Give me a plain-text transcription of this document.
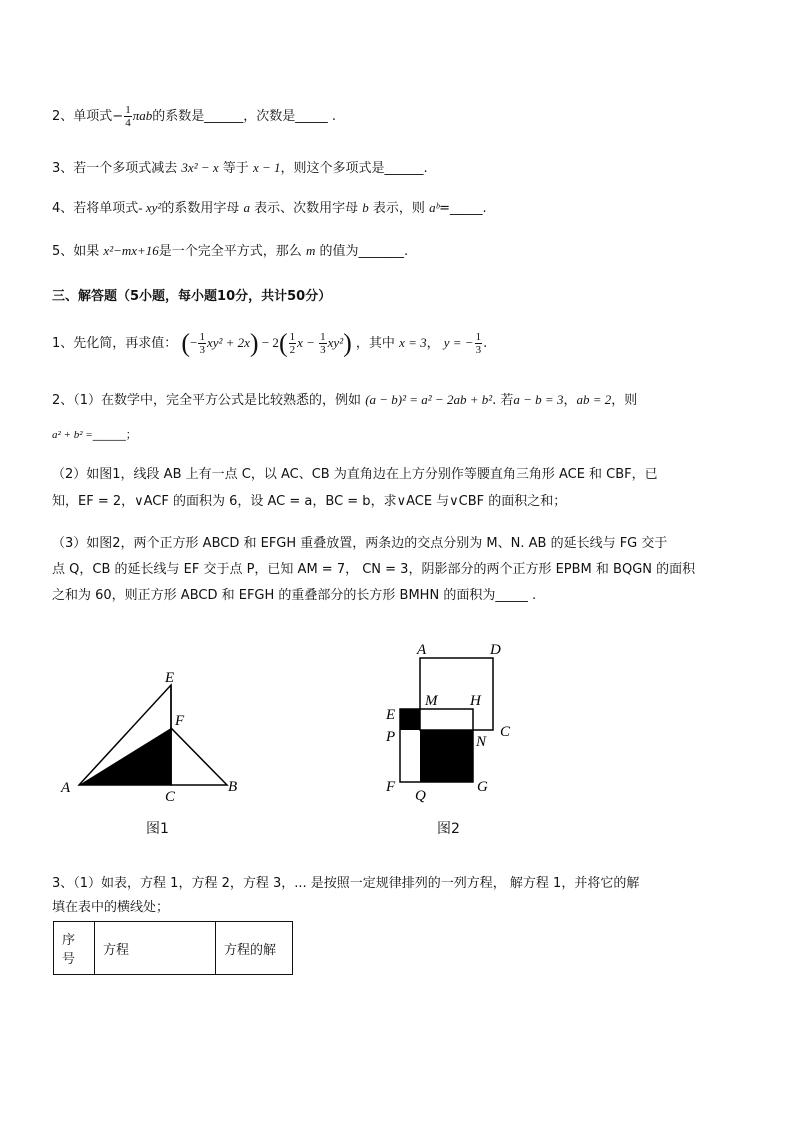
2、单项式− $\frac{1}{4}$ πab的系数是______，次数是_____ .
3、若一个多项式减去 3x² − x 等于 x − 1，则这个多项式是______.
4、若将单项式- xy²的系数用字母 a 表示、次数用字母 b 表示，则 aᵇ=_____.
5、如果 x²−mx+16是一个完全平方式，那么 m 的值为_______.
三、解答题（5小题，每小题10分，共计50分）
1、先化简，再求值： (− $\frac{1}{3} xy^2 + 2x) - 2( \frac{1}{2}$ $x - \frac{1}{3} xy^2$) ，其中 x = 3， y = − $\frac{1}{3}$ .
2、（1）在数学中，完全平方公式是比较熟悉的，例如 (a − b)² = a² − 2ab + b². 若a − b = 3，ab = 2，则
a² + b² =______；
（2）如图1，线段 AB 上有一点 C，以 AC、CB 为直角边在上方分别作等腰直角三角形 ACE 和 CBF，已
知，EF = 2，∨ACF 的面积为 6，设 AC = a，BC = b，求∨ACE 与∨CBF 的面积之和；
（3）如图2，两个正方形 ABCD 和 EFGH 重叠放置，两条边的交点分别为 M、N. AB 的延长线与 FG 交于
点 Q，CB 的延长线与 EF 交于点 P，已知 AM = 7， CN = 3，阴影部分的两个正方形 EPBM 和 BQGN 的面积
之和为 60，则正方形 ABCD 和 EFGH 的重叠部分的长方形 BMHN 的面积为_____ .
A
C
B
E
F
图1
A	D
M H
E
P B	N
C
F
Q
G
图2
3、（1）如表，方程 1，方程 2，方程 3，... 是按照一定规律排列的一列方程， 解方程 1，并将它的解
填在表中的横线处；
序号	方程	方程的解
